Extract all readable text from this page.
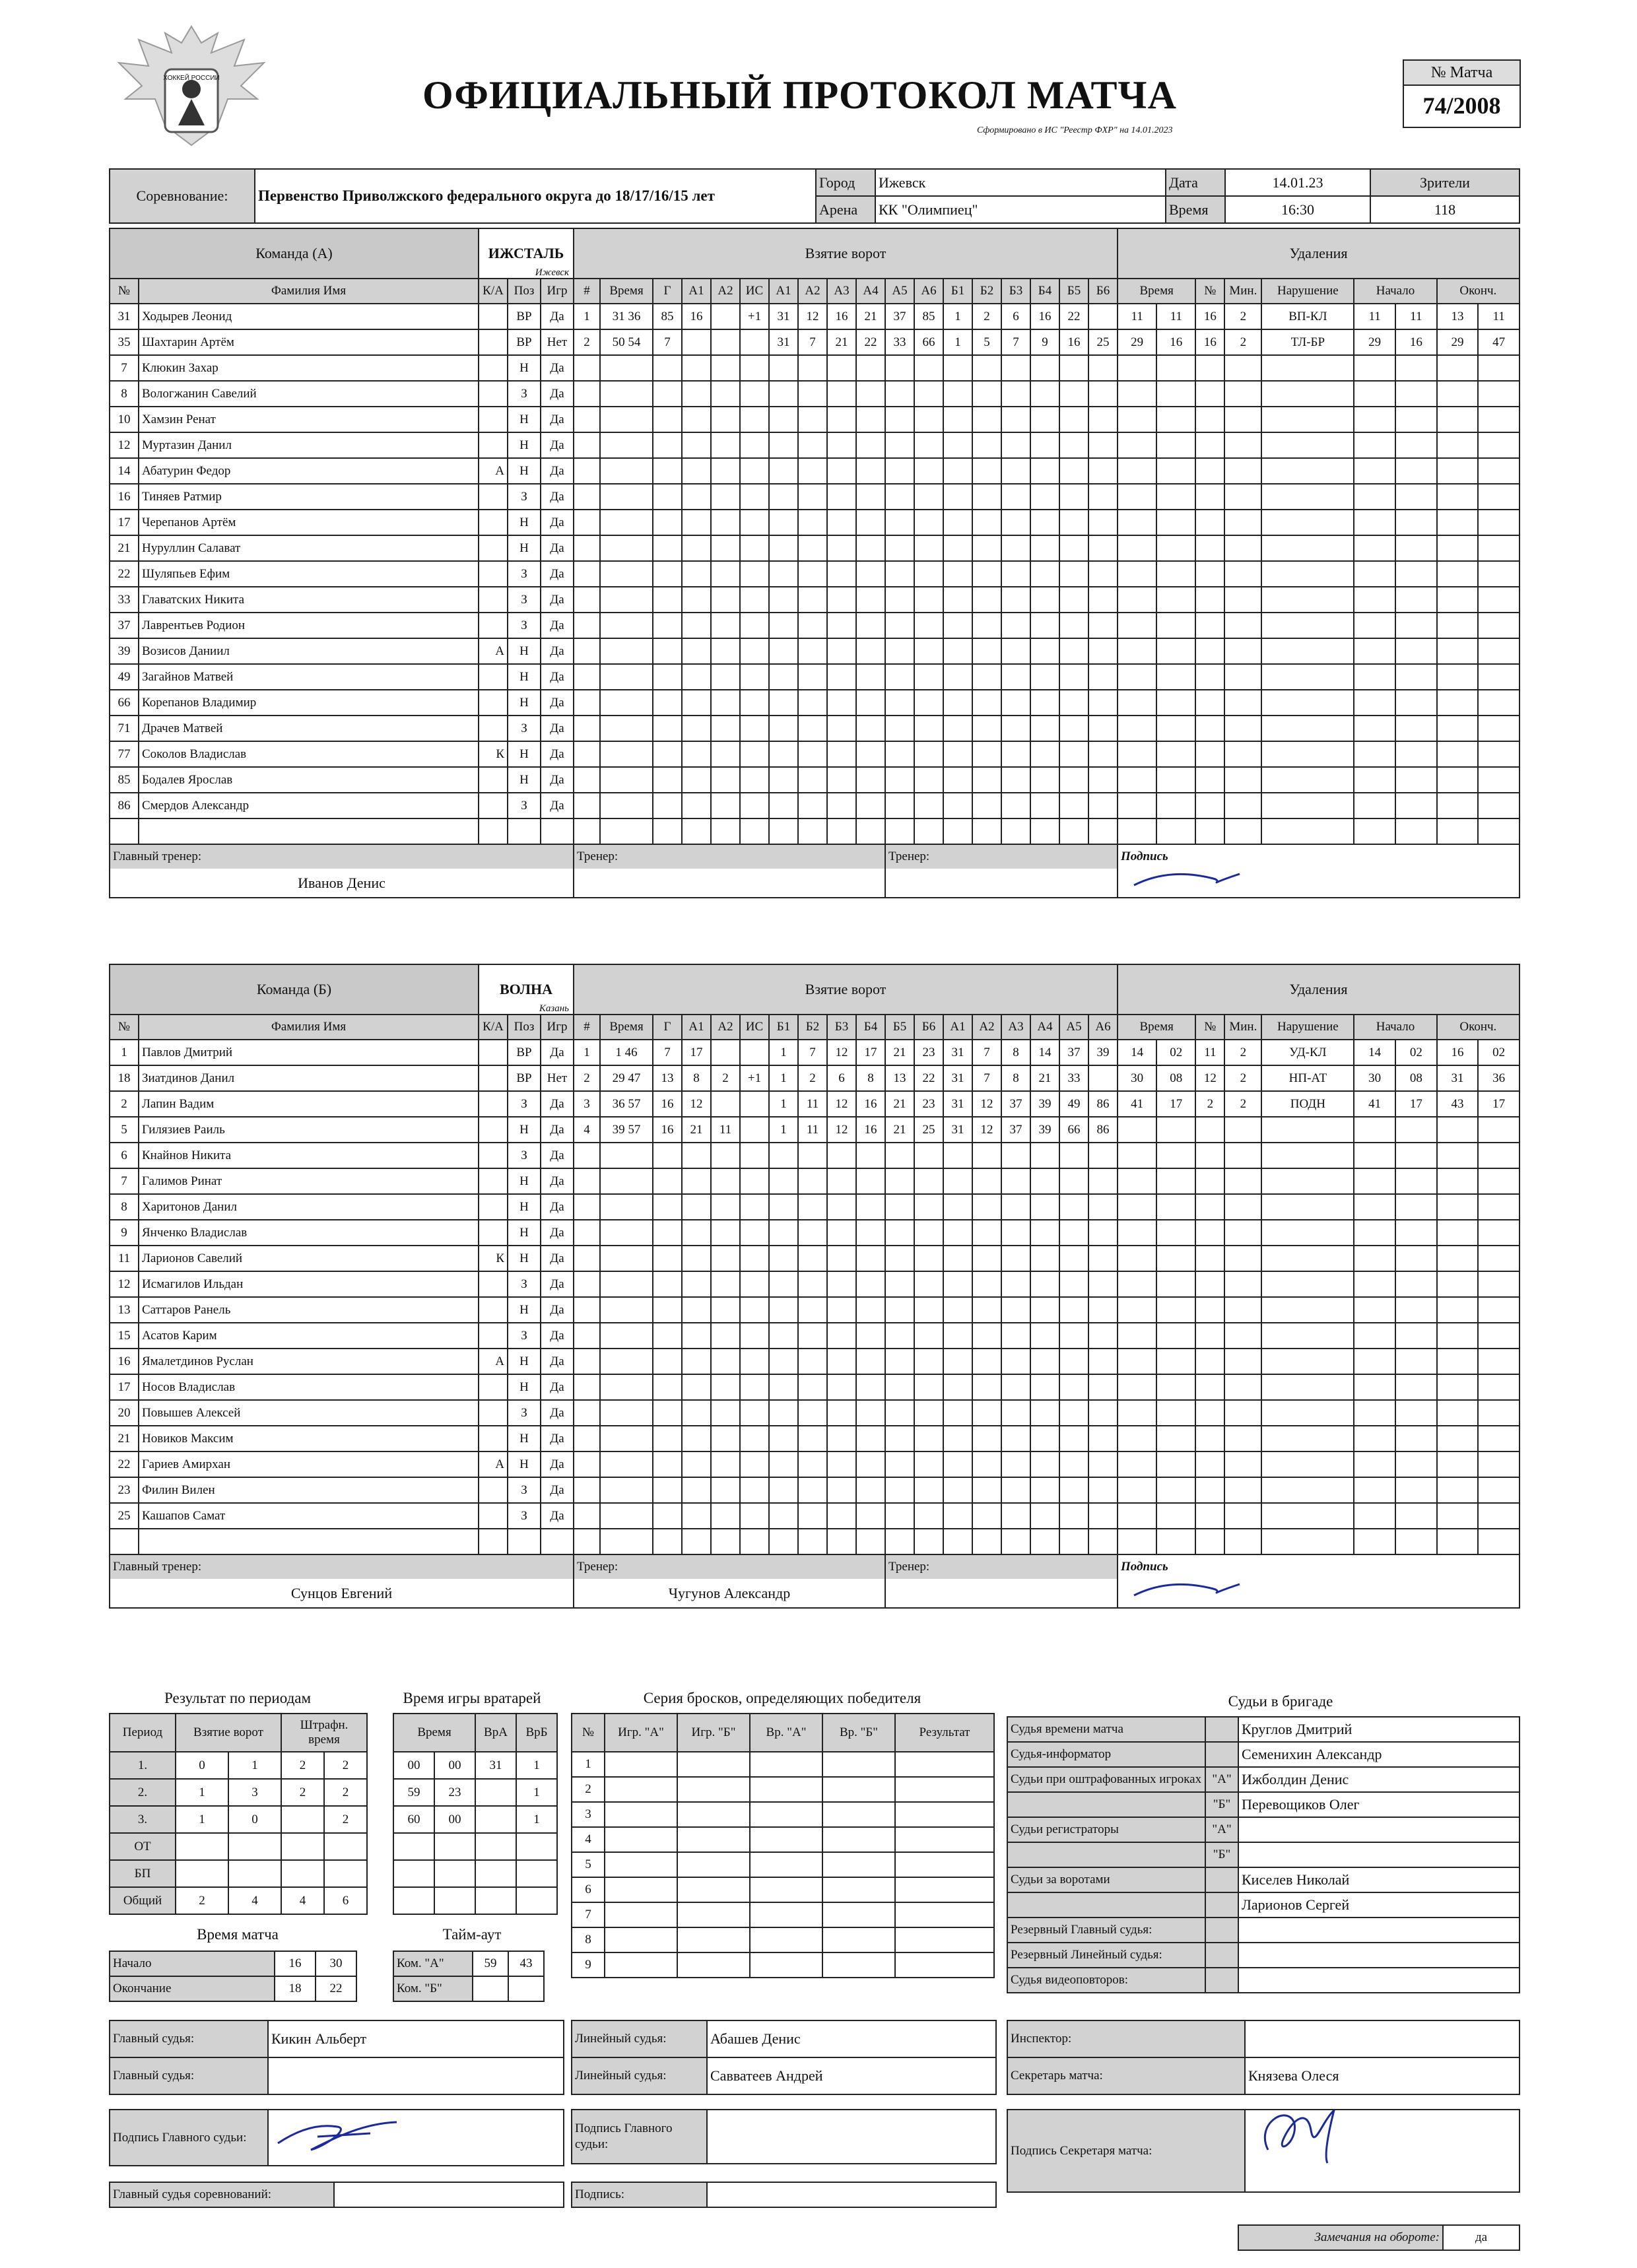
ХОККЕЙ РОССИИ	ОФИЦИАЛЬНЫЙ ПРОТОКОЛ МАТЧА
Сформировано в ИС "Реестр ФХР" на 14.01.2023
№ Матча
74/2008
Соревнование:	Первенство Приволжского федерального округа до 18/17/16/15 лет	Город	Ижевск	Дата	14.01.23	Зрители
		Арена	КК "Олимпиец"	Время	16:30	118
Команда (А)		ИЖСТАЛЬ
Ижевск			Взятие ворот																		Удаления								
№	Фамилия Имя	К/А	Поз	Игр	#	Время	Г	А1	А2	ИС	А1	А2	А3	А4	А5	А6	Б1	Б2	Б3	Б4	Б5	Б6	Время		№	Мин.	Нарушение	Начало		Оконч.	
31	Ходырев Леонид		ВР	Да	1	31 36	85	16		+1	31	12	16	21	37	85	1	2	6	16	22		11	11	16	2	ВП-КЛ	11	11	13	11
35	Шахтарин Артём		ВР	Нет	2	50 54	7				31	7	21	22	33	66	1	5	7	9	16	25	29	16	16	2	ТЛ-БР	29	16	29	47
7	Клюкин Захар		Н	Да																											
8	Вологжанин Савелий		З	Да																											
10	Хамзин Ренат		Н	Да																											
12	Муртазин Данил		Н	Да																											
14	Абатурин Федор	А	Н	Да																											
16	Тиняев Ратмир		З	Да																											
17	Черепанов Артём		Н	Да																											
21	Нуруллин Салават		Н	Да																											
22	Шуляпьев Ефим		З	Да																											
33	Главатских Никита		З	Да																											
37	Лаврентьев Родион		З	Да																											
39	Возисов Даниил	А	Н	Да																											
49	Загайнов Матвей		Н	Да																											
66	Корепанов Владимир		Н	Да																											
71	Драчев Матвей		З	Да																											
77	Соколов Владислав	К	Н	Да																											
85	Бодалев Ярослав		Н	Да																											
86	Смердов Александр		З	Да																											

Главный тренер:					Тренер:										Тренер:								Подпись								
Иванов Денис			
Команда (Б)		ВОЛНА
Казань			Взятие ворот																		Удаления								
№	Фамилия Имя	К/А	Поз	Игр	#	Время	Г	А1	А2	ИС	Б1	Б2	Б3	Б4	Б5	Б6	А1	А2	А3	А4	А5	А6	Время		№	Мин.	Нарушение	Начало		Оконч.	
1	Павлов Дмитрий		ВР	Да	1	1 46	7	17			1	7	12	17	21	23	31	7	8	14	37	39	14	02	11	2	УД-КЛ	14	02	16	02
18	Зиатдинов Данил		ВР	Нет	2	29 47	13	8	2	+1	1	2	6	8	13	22	31	7	8	21	33		30	08	12	2	НП-АТ	30	08	31	36
2	Лапин Вадим		З	Да	3	36 57	16	12			1	11	12	16	21	23	31	12	37	39	49	86	41	17	2	2	ПОДН	41	17	43	17
5	Гилязиев Раиль		Н	Да	4	39 57	16	21	11		1	11	12	16	21	25	31	12	37	39	66	86									
6	Кнайнов Никита		З	Да																											
7	Галимов Ринат		Н	Да																											
8	Харитонов Данил		Н	Да																											
9	Янченко Владислав		Н	Да																											
11	Ларионов Савелий	К	Н	Да																											
12	Исмагилов Ильдан		З	Да																											
13	Саттаров Ранель		Н	Да																											
15	Асатов Карим		З	Да																											
16	Ямалетдинов Руслан	А	Н	Да																											
17	Носов Владислав		Н	Да																											
20	Повышев Алексей		З	Да																											
21	Новиков Максим		Н	Да																											
22	Гариев Амирхан	А	Н	Да																											
23	Филин Вилен		З	Да																											
25	Кашапов Самат		З	Да																											

Главный тренер:					Тренер:										Тренер:								Подпись								
Сунцов Евгений					Чугунов Александр		
Результат по периодам
Период	Взятие ворот		Штрафн. время	
1.	0	1	2	2
2.	1	3	2	2
3.	1	0		2
ОТ				
БП				
Общий	2	4	4	6
Время игры вратарей
Время		ВрА	ВрБ
00	00	31	1
59	23		1
60	00		1

Серия бросков, определяющих победителя
№	Игр. "А"	Игр. "Б"	Вр. "А"	Вр. "Б"	Результат
1					
2					
3					
4					
5					
6					
7					
8					
9					
Судьи в бригаде
Судья времени матча		Круглов Дмитрий
Судья-информатор		Семенихин Александр
Судьи при оштрафованных игроках	"А"	Ижболдин Денис
	"Б"	Перевощиков Олег
Судьи регистраторы	"А"	
	"Б"	
Судьи за воротами		Киселев Николай
		Ларионов Сергей
Резервный Главный судья:		
Резервный Линейный судья:		
Судья видеоповторов:		
Время матча
Начало	16	30
Окончание	18	22
Тайм-аут
Ком. "А"	59	43
Ком. "Б"		
Главный судья:	Кикин Альберт
Главный судья:	
Линейный судья:	Абашев Денис
Линейный судья:	Савватеев Андрей
Инспектор:	
Секретарь матча:	Князева Олеся
Подпись Главного судьи:	
Подпись Главного судьи:		Подпись Секретаря матча:	
Главный судья соревнований:		Подпись:	
Замечания на обороте:	да
